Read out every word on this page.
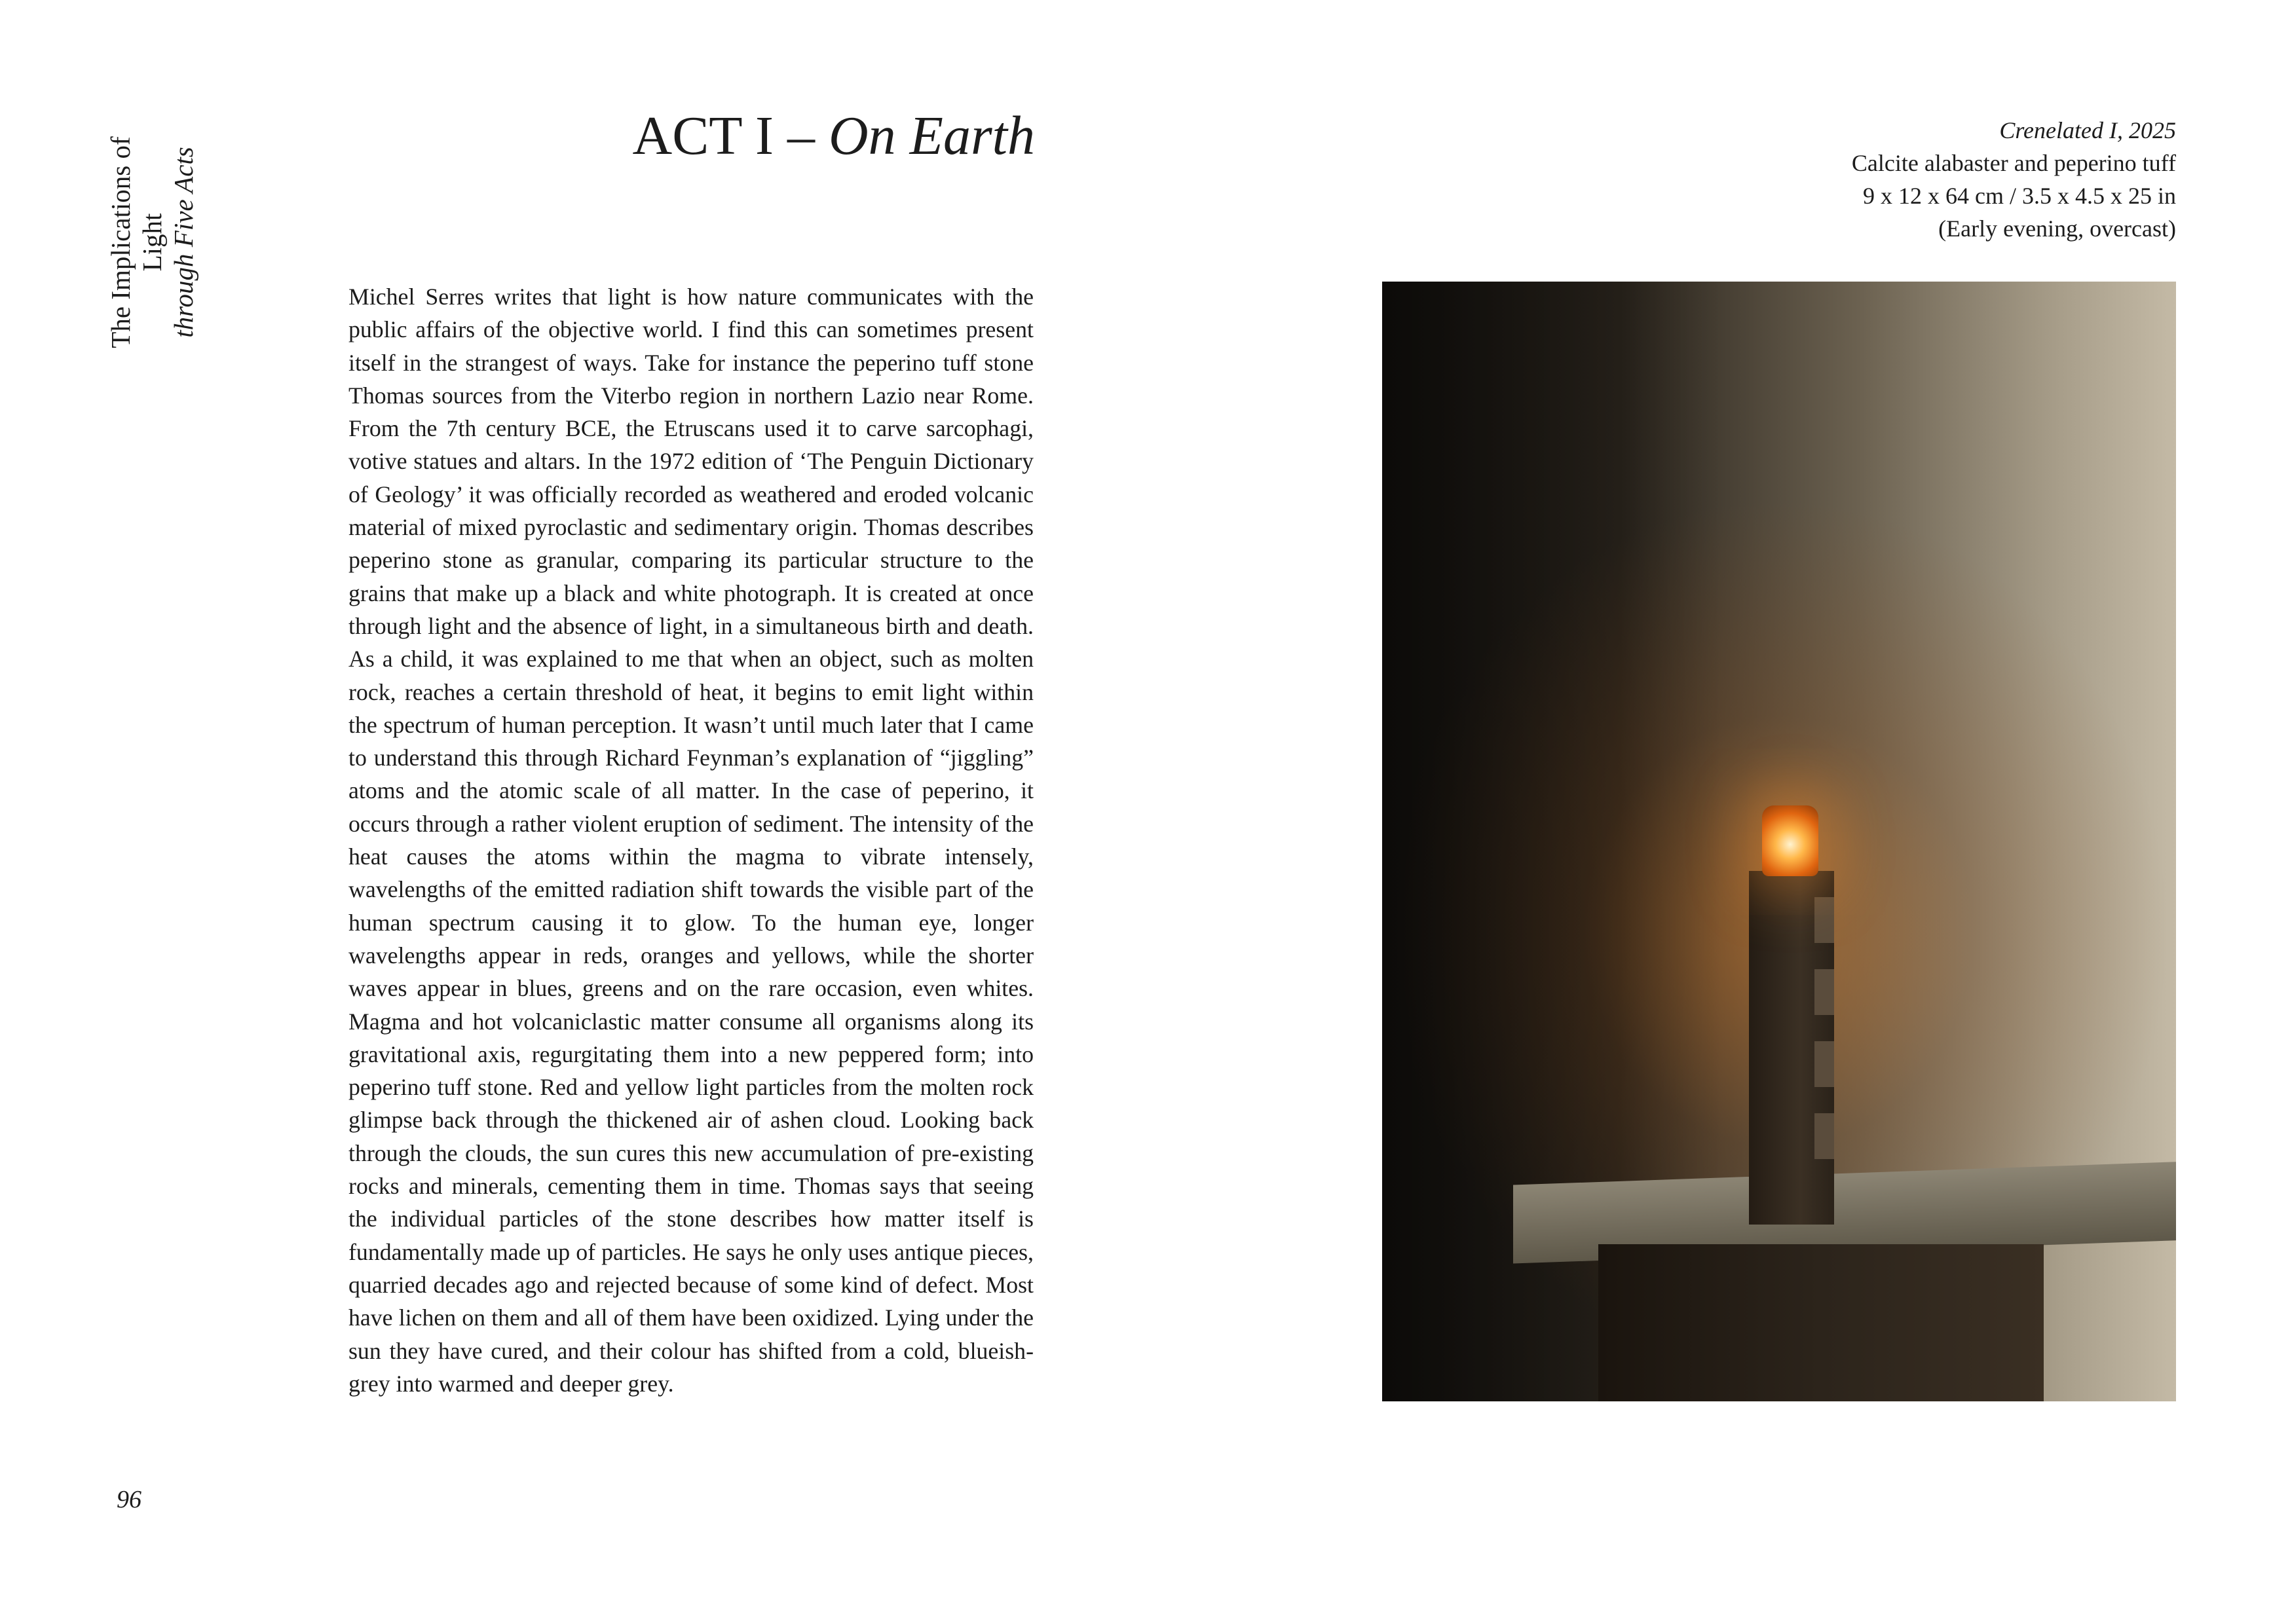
The Implications of Light through Five Acts
ACT I – On Earth

Michel Serres writes that light is how nature communicates with the public affairs of the objective world. I find this can sometimes present itself in the strangest of ways. Take for instance the peperino tuff stone Thomas sources from the Viterbo region in northern Lazio near Rome. From the 7th century BCE, the Etruscans used it to carve sarcophagi, votive statues and altars. In the 1972 edition of ‘The Penguin Dictionary of Geology’ it was officially recorded as weathered and eroded volcanic material of mixed pyroclastic and sedimentary origin. Thomas describes peperino stone as granular, comparing its particular structure to the grains that make up a black and white photograph. It is created at once through light and the absence of light, in a simultaneous birth and death. As a child, it was explained to me that when an object, such as molten rock, reaches a certain threshold of heat, it begins to emit light within the spectrum of human perception. It wasn’t until much later that I came to understand this through Richard Feynman’s explanation of “jiggling” atoms and the atomic scale of all matter. In the case of peperino, it occurs through a rather violent eruption of sediment. The intensity of the heat causes the atoms within the magma to vibrate intensely, wavelengths of the emitted radiation shift towards the visible part of the human spectrum causing it to glow. To the human eye, longer wavelengths appear in reds, oranges and yellows, while the shorter waves appear in blues, greens and on the rare occasion, even whites. Magma and hot volcaniclastic matter consume all organisms along its gravitational axis, regurgitating them into a new peppered form; into peperino tuff stone. Red and yellow light particles from the molten rock glimpse back through the thickened air of ashen cloud. Looking back through the clouds, the sun cures this new accumulation of pre-existing rocks and minerals, cementing them in time. Thomas says that seeing the individual particles of the stone describes how matter itself is fundamentally made up of particles. He says he only uses antique pieces, quarried decades ago and rejected because of some kind of defect. Most have lichen on them and all of them have been oxidized. Lying under the sun they have cured, and their colour has shifted from a cold, blueish-grey into warmed and deeper grey.

96
Crenelated I, 2025
Calcite alabaster and peperino tuff
9 x 12 x 64 cm / 3.5 x 4.5 x 25 in
(Early evening, overcast)
